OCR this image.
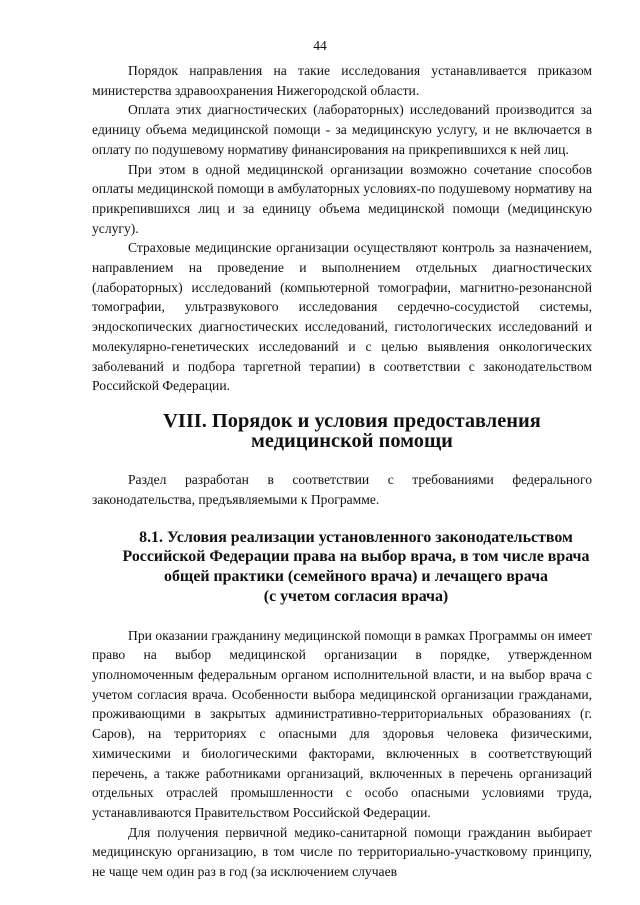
44

Порядок направления на такие исследования устанавливается приказом министерства здравоохранения Нижегородской области.

Оплата этих диагностических (лабораторных) исследований производится за единицу объема медицинской помощи - за медицинскую услугу, и не включается в оплату по подушевому нормативу финансирования на прикрепившихся к ней лиц.

При этом в одной медицинской организации возможно сочетание способов оплаты медицинской помощи в амбулаторных условиях-по подушевому нормативу на прикрепившихся лиц и за единицу объема медицинской помощи (медицинскую услугу).

Страховые медицинские организации осуществляют контроль за назначением, направлением на проведение и выполнением отдельных диагностических (лабораторных) исследований (компьютерной томографии, магнитно-резонансной томографии, ультразвукового исследования сердечно-сосудистой системы, эндоскопических диагностических исследований, гистологических исследований и молекулярно-генетических исследований и с целью выявления онкологических заболеваний и подбора таргетной терапии) в соответствии с законодательством Российской Федерации.

VIII. Порядок и условия предоставления медицинской помощи

Раздел разработан в соответствии с требованиями федерального законодательства, предъявляемыми к Программе.

8.1. Условия реализации установленного законодательством
Российской Федерации права на выбор врача, в том числе врача
общей практики (семейного врача) и лечащего врача
(с учетом согласия врача)

При оказании гражданину медицинской помощи в рамках Программы он имеет право на выбор медицинской организации в порядке, утвержденном уполномоченным федеральным органом исполнительной власти, и на выбор врача с учетом согласия врача. Особенности выбора медицинской организации гражданами, проживающими в закрытых административно-территориальных образованиях (г. Саров), на территориях с опасными для здоровья человека физическими, химическими и биологическими факторами, включенных в соответствующий перечень, а также работниками организаций, включенных в перечень организаций отдельных отраслей промышленности с особо опасными условиями труда, устанавливаются Правительством Российской Федерации.

Для получения первичной медико-санитарной помощи гражданин выбирает медицинскую организацию, в том числе по территориально-участковому принципу, не чаще чем один раз в год (за исключением случаев
